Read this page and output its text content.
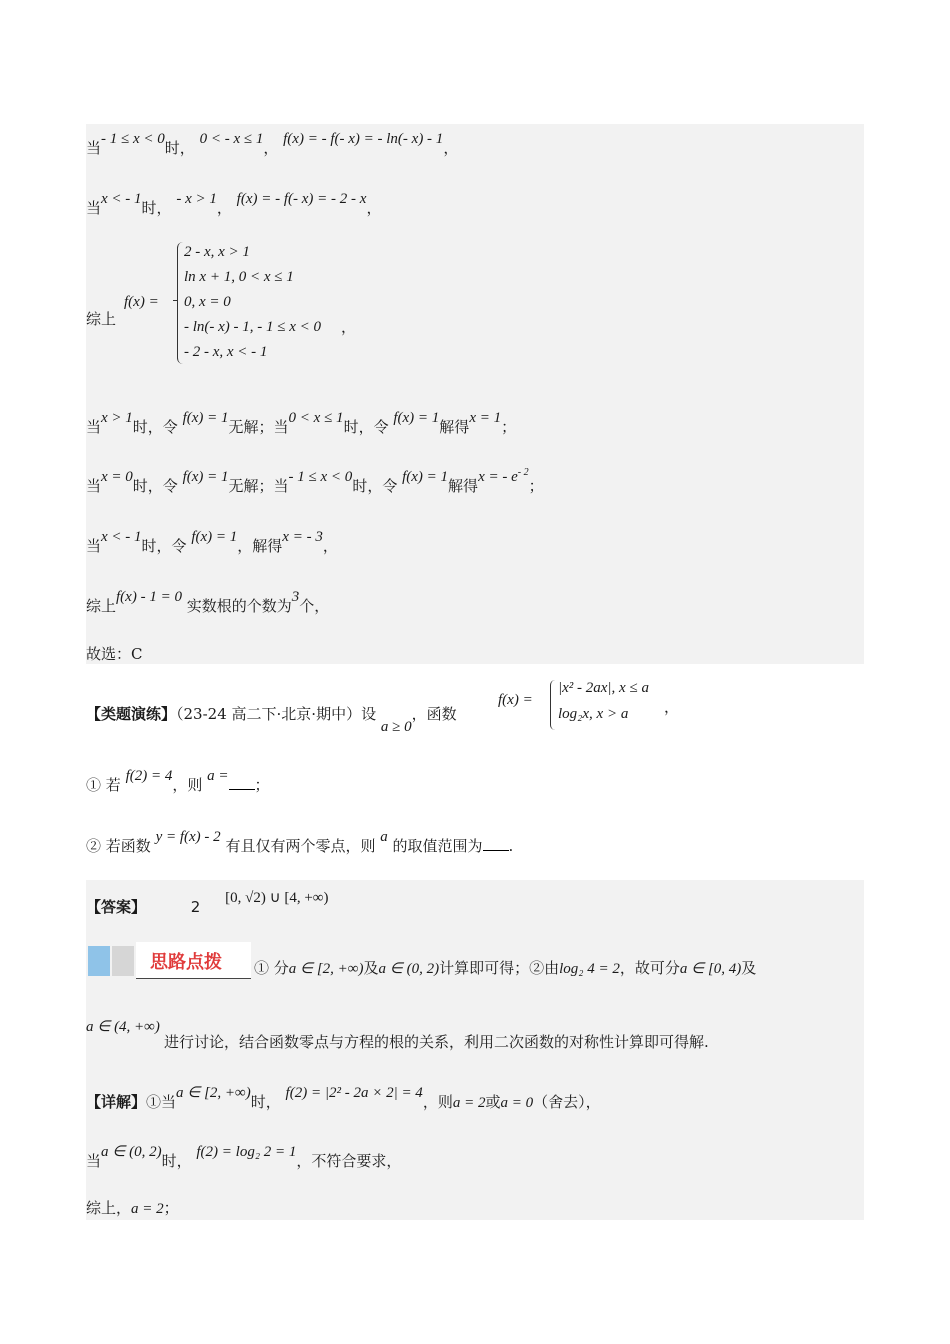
当- 1 ≤ x < 0时， 0 < - x ≤ 1， f(x) = - f(- x) = - ln(- x) - 1，
当x < - 1时， - x > 1， f(x) = - f(- x) = - 2 - x，
综上
f(x) =
2 - x, x > 1
ln x + 1, 0 < x ≤ 1
0, x = 0
- ln(- x) - 1, - 1 ≤ x < 0
- 2 - x, x < - 1
，
当x > 1时，令 f(x) = 1无解；当0 < x ≤ 1时，令 f(x) = 1解得x = 1；
当x = 0时，令 f(x) = 1无解；当- 1 ≤ x < 0时，令 f(x) = 1解得x = - $e^{- 2}$；
当x < - 1时，令 f(x) = 1，解得x = - 3，
综上f(x) - 1 = 0 实数根的个数为3个，
故选：C
【类题演练】（23-24 高二下·北京·期中）设 a ≥ 0，函数
f(x) =
|x² - 2ax|, x ≤ a
log₂x, x > a ，
① 若 f(2) = 4，则 a = ；
② 若函数 y = f(x) - 2 有且仅有两个零点，则 a 的取值范围为 .
【答案】	2 [0, √2) ∪ [4, +∞)
思路点拨 ① 分a ∈ [2, +∞)及a ∈ (0, 2)计算即可得；②由log₂ 4 = 2，故可分a ∈ [0, 4)及
a ∈ (4, +∞)
进行讨论，结合函数零点与方程的根的关系，利用二次函数的对称性计算即可得解.
【详解】①当a ∈ [2, +∞)时， f(2) = |2² - 2a × 2| = 4，则a = 2或a = 0（舍去），
当a ∈ (0, 2)时， f(2) = log₂ 2 = 1，不符合要求，
综上，a = 2；
